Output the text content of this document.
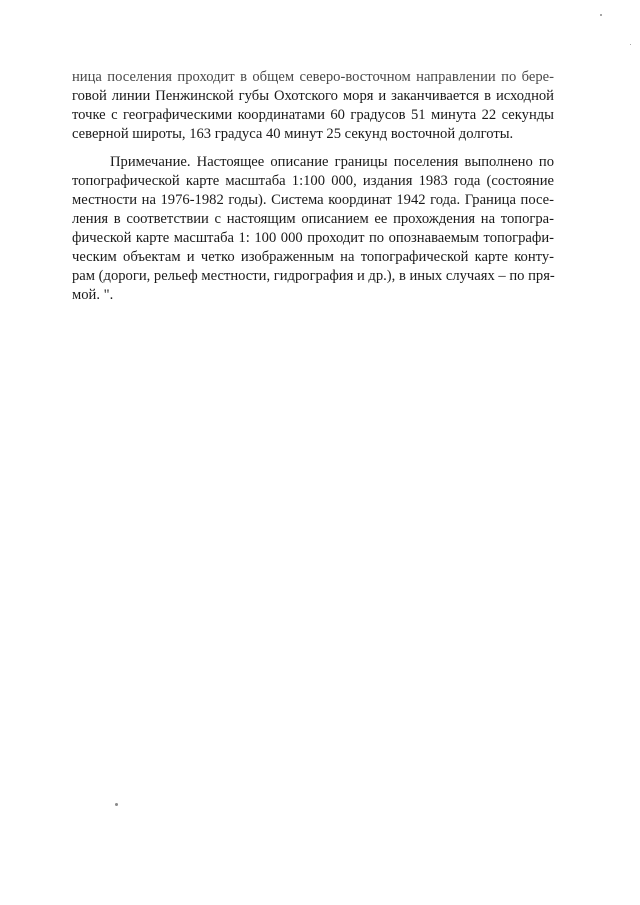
ница поселения проходит в общем северо-восточном направлении по бере-
говой линии Пенжинской губы Охотского моря и заканчивается в исходной
точке с географическими координатами 60 градусов 51 минута 22 секунды
северной широты, 163 градуса 40 минут 25 секунд восточной долготы.
Примечание. Настоящее описание границы поселения выполнено по
топографической карте масштаба 1:100 000, издания 1983 года (состояние
местности на 1976-1982 годы). Система координат 1942 года. Граница посе-
ления в соответствии с настоящим описанием ее прохождения на топогра-
фической карте масштаба 1: 100 000 проходит по опознаваемым топографи-
ческим объектам и четко изображенным на топографической карте конту-
рам (дороги, рельеф местности, гидрография и др.), в иных случаях – по пря-
мой. ".
